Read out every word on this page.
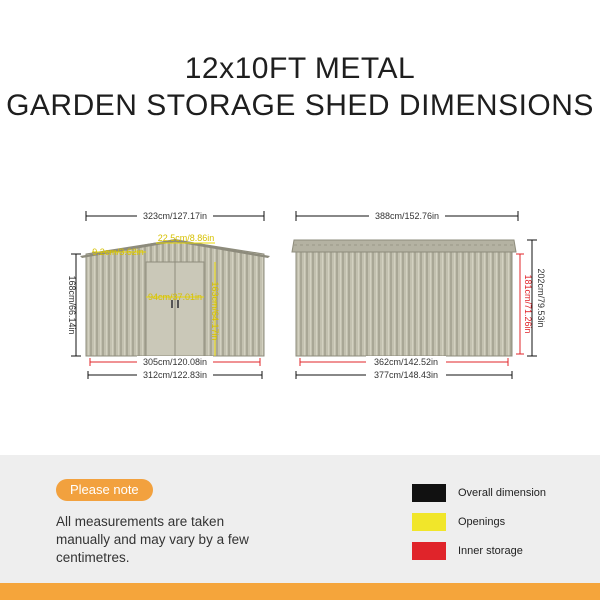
12x10FT METAL
GARDEN STORAGE SHED DIMENSIONS
323cm/127.17in
22.5cm/8.86in
9.2cm/3.62in
94cm/37.01in 163cm/64.17in
168cm/66.14in
305cm/120.08in
312cm/122.83in
388cm/152.76in
202cm/79.53in
181cm/71.26in
362cm/142.52in
377cm/148.43in
Please note
All measurements are taken manually and may vary by a few centimetres.
Overall dimension
Openings
Inner storage
